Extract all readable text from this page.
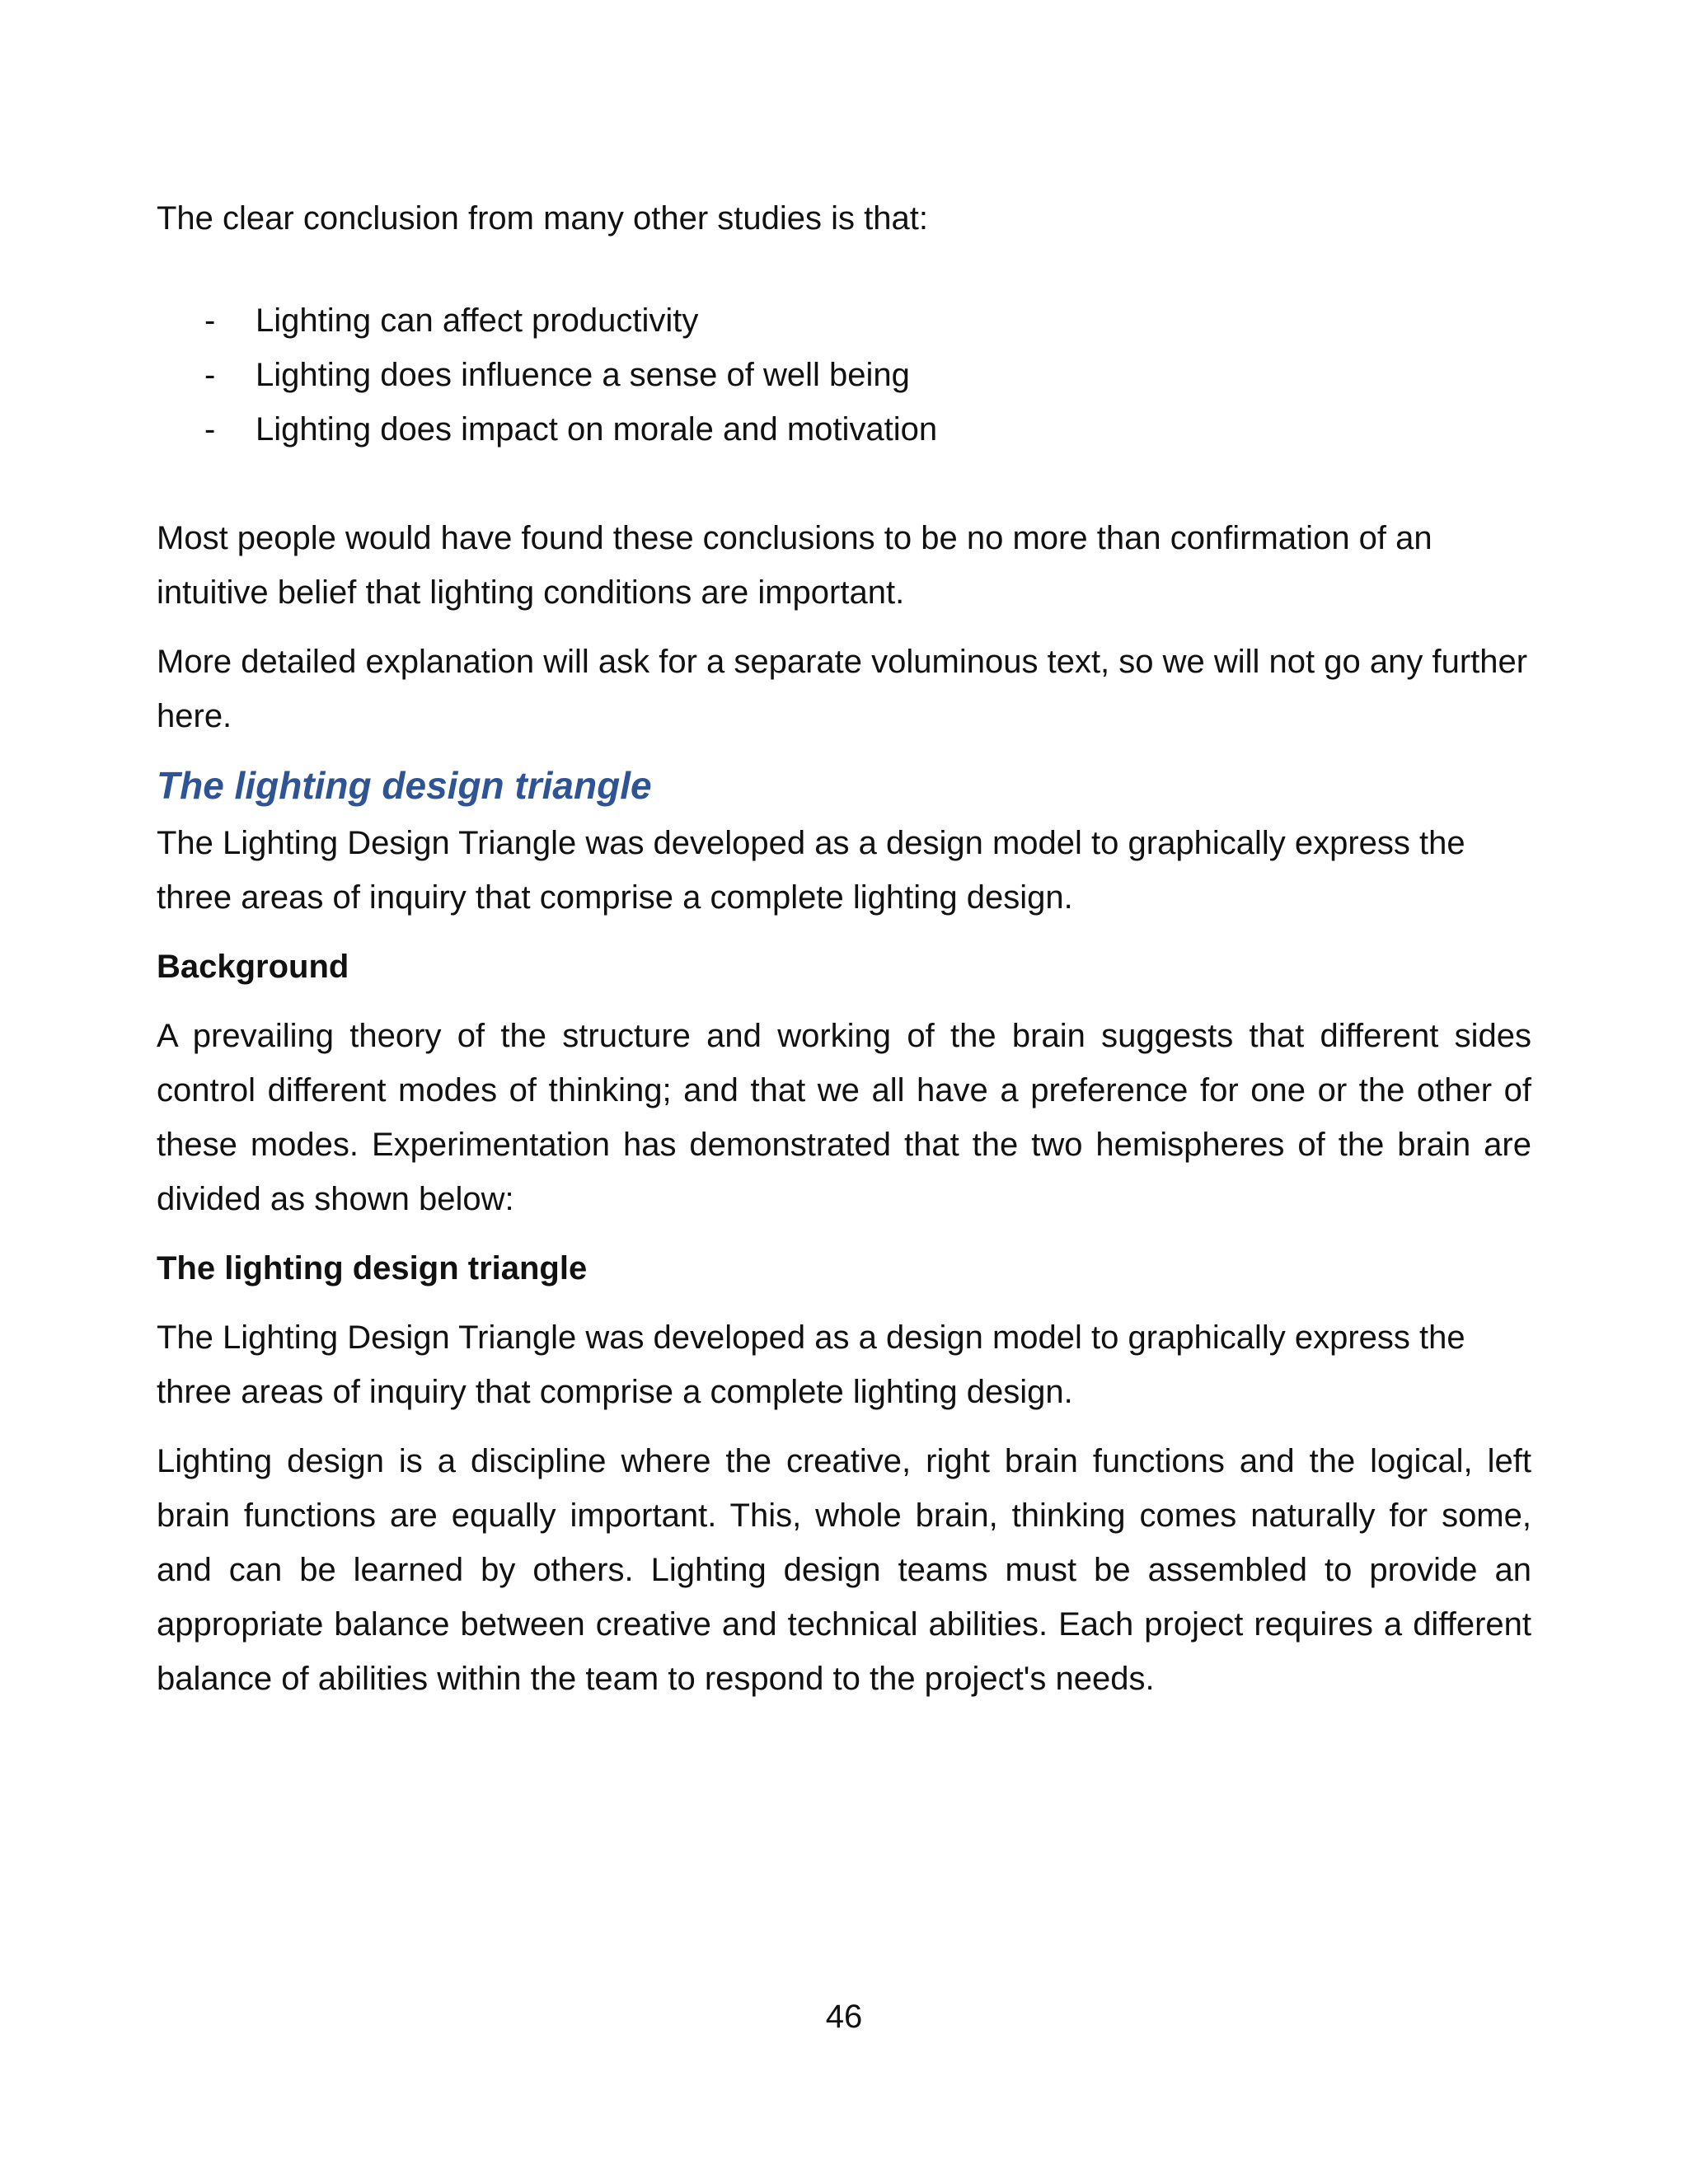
The clear conclusion from many other studies is that:

- Lighting can affect productivity
- Lighting does influence a sense of well being
- Lighting does impact on morale and motivation

Most people would have found these conclusions to be no more than confirmation of an intuitive belief that lighting conditions are important.

More detailed explanation will ask for a separate voluminous text, so we will not go any further here.

The lighting design triangle

The Lighting Design Triangle was developed as a design model to graphically express the three areas of inquiry that comprise a complete lighting design.

Background

A prevailing theory of the structure and working of the brain suggests that different sides control different modes of thinking; and that we all have a preference for one or the other of these modes. Experimentation has demonstrated that the two hemispheres of the brain are divided as shown below:

The lighting design triangle

The Lighting Design Triangle was developed as a design model to graphically express the three areas of inquiry that comprise a complete lighting design.

Lighting design is a discipline where the creative, right brain functions and the logical, left brain functions are equally important. This, whole brain, thinking comes naturally for some, and can be learned by others. Lighting design teams must be assembled to provide an appropriate balance between creative and technical abilities. Each project requires a different balance of abilities within the team to respond to the project's needs.

46
